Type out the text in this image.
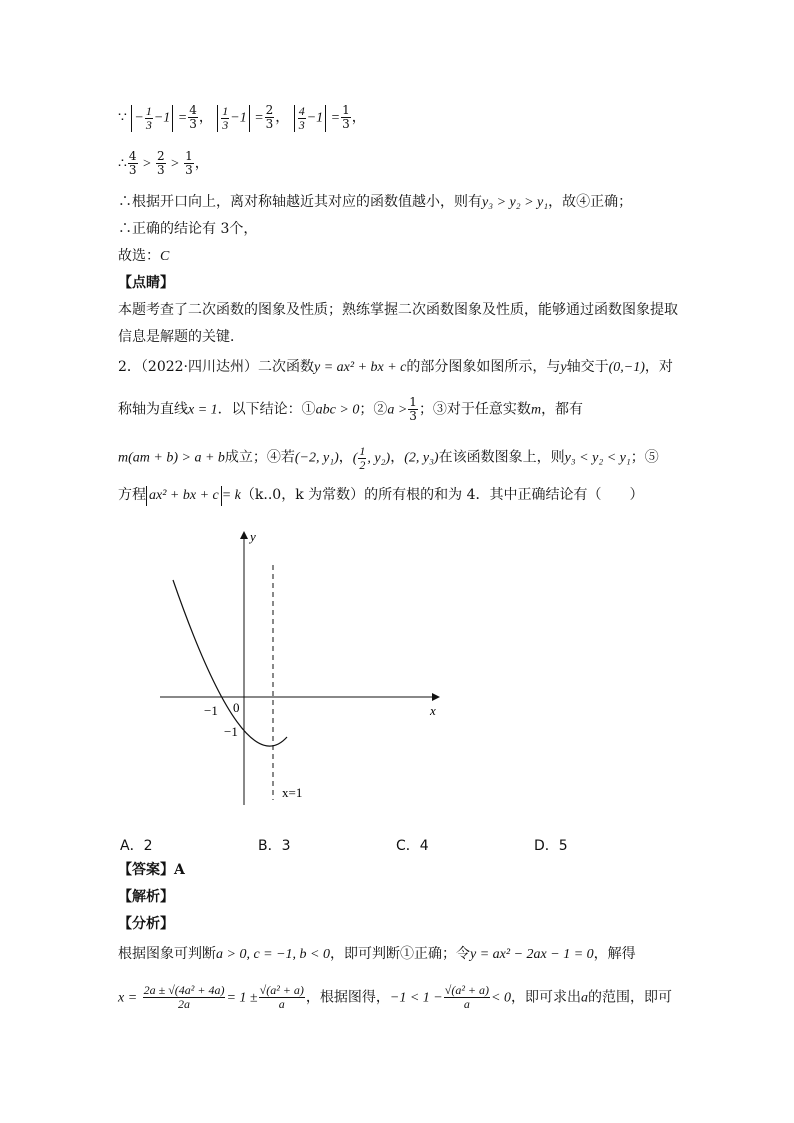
∵ − $\frac{1}{3} -1 = \frac{4}{3}$ ， $\frac{1}{3} -1 = \frac{2}{3}$ ， $\frac{4}{3} -1 = \frac{1}{3}$ ，
∴ $\frac{4}{3} > \frac{2}{3} > \frac{1}{3}$ ，
∴根据开口向上，离对称轴越近其对应的函数值越小，则有y₃ > y₂ > y₁，故④正确；
∴正确的结论有 3个，
故选：C
【点睛】
本题考查了二次函数的图象及性质；熟练掌握二次函数图象及性质，能够通过函数图象提取
信息是解题的关键．
2．（2022·四川达州）二次函数y = ax² + bx + c的部分图象如图所示，与y轴交于(0,−1)，对
称轴为直线x = 1．以下结论：①abc > 0；②a > $\frac{1}{3}$ ；③对于任意实数m，都有
m(am + b) > a + b成立；④若(−2, y₁)，( $\frac{1}{2}$ , y₂)，(2, y₃)在该函数图象上，则y₃ < y₂ < y₁；⑤
方程 ax² + bx + c = k（k..0，k 为常数）的所有根的和为 4．其中正确结论有（　　）
y
x
−1 0
−1
x=1
A．2	B．3	C．4	D．5
【答案】A
【解析】
【分析】
根据图象可判断a > 0, c = −1, b < 0，即可判断①正确；令y = ax² − 2ax − 1 = 0，解得
$x = \frac{\text{2a ± √(4a² + 4a)}}{2a} = 1 \pm \frac{\text{√(a² + a)}}{a}$ ，根据图得，$-1 < 1 - \frac{\text{√(a² + a)}}{a} < 0$，即可求出a的范围，即可
